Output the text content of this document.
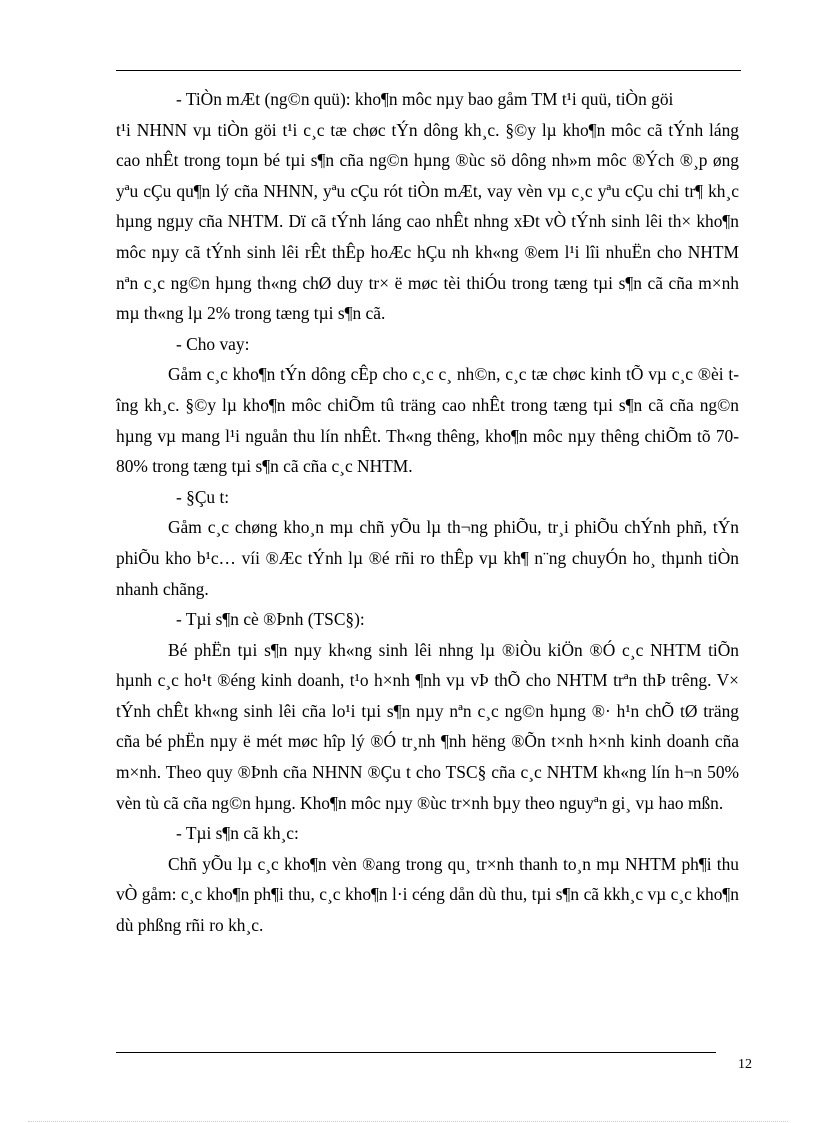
- TiÒn mÆt (ng©n quü): kho¶n môc nµy bao gåm TM t¹i quü, tiÒn göi

t¹i NHNN vµ tiÒn göi t¹i c¸c tæ chøc tÝn dông kh¸c. §©y lµ kho¶n môc cã tÝnh láng cao nhÊt trong toµn bé tµi s¶n cña ng©n hµng ®ùc sö dông nh»m môc ®Ých ®¸p øng yªu cÇu qu¶n lý cña NHNN, yªu cÇu rót tiÒn mÆt, vay vèn vµ c¸c yªu cÇu chi tr¶ kh¸c hµng ngµy cña NHTM. Dï cã tÝnh láng cao nhÊt nhng xÐt vÒ tÝnh sinh lêi th× kho¶n môc nµy cã tÝnh sinh lêi rÊt thÊp hoÆc hÇu nh kh«ng ®em l¹i lîi nhuËn cho NHTM nªn c¸c ng©n hµng th«ng chØ duy tr× ë møc tèi thiÓu trong tæng tµi s¶n cã cña m×nh mµ th«ng lµ 2% trong tæng tµi s¶n cã.

- Cho vay:

Gåm c¸c kho¶n tÝn dông cÊp cho c¸c c¸ nh©n, c¸c tæ chøc kinh tÕ vµ c¸c ®èi tîng kh¸c. §©y lµ kho¶n môc chiÕm tû träng cao nhÊt trong tæng tµi s¶n cã cña ng©n hµng vµ mang l¹i nguån thu lín nhÊt. Th«ng thêng, kho¶n môc nµy thêng chiÕm tõ 70- 80% trong tæng tµi s¶n cã cña c¸c NHTM.

- §Çu t:

Gåm c¸c chøng kho¸n mµ chñ yÕu lµ th¬ng phiÕu, tr¸i phiÕu chÝnh phñ, tÝn phiÕu kho b¹c… víi ®Æc tÝnh lµ ®é rñi ro thÊp vµ kh¶ n¨ng chuyÓn ho¸ thµnh tiÒn nhanh chãng.

- Tµi s¶n cè ®Þnh (TSC§):

Bé phËn tµi s¶n nµy kh«ng sinh lêi nhng lµ ®iÒu kiÖn ®Ó c¸c NHTM tiÕn hµnh c¸c ho¹t ®éng kinh doanh, t¹o h×nh ¶nh vµ vÞ thÕ cho NHTM trªn thÞ trêng. V× tÝnh chÊt kh«ng sinh lêi cña lo¹i tµi s¶n nµy nªn c¸c ng©n hµng ®· h¹n chÕ tØ träng cña bé phËn nµy ë mét møc hîp lý ®Ó tr¸nh ¶nh hëng ®Õn t×nh h×nh kinh doanh cña m×nh. Theo quy ®Þnh cña NHNN ®Çu t cho TSC§ cña c¸c NHTM kh«ng lín h¬n 50% vèn tù cã cña ng©n hµng. Kho¶n môc nµy ®ùc tr×nh bµy theo nguyªn gi¸ vµ hao mßn.

- Tµi s¶n cã kh¸c:

Chñ yÕu lµ c¸c kho¶n vèn ®ang trong qu¸ tr×nh thanh to¸n mµ NHTM ph¶i thu vÒ gåm: c¸c kho¶n ph¶i thu, c¸c kho¶n l·i céng dån dù thu, tµi s¶n cã kkh¸c vµ c¸c kho¶n dù phßng rñi ro kh¸c.

12
